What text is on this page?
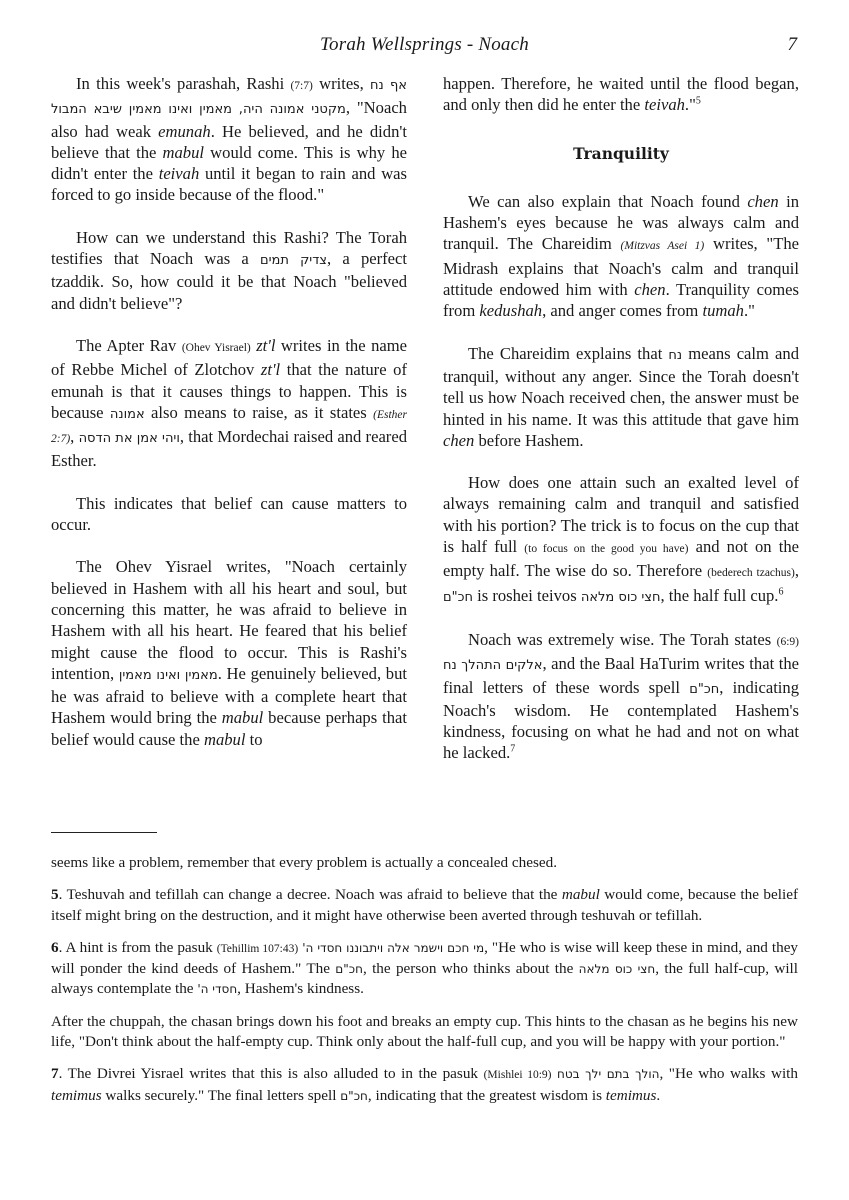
Torah Wellsprings - Noach	7

In this week's parashah, Rashi (7:7) writes, אף נח מקטני אמונה היה, מאמין ואינו מאמין שיבא המבול, "Noach also had weak emunah. He believed, and he didn't believe that the mabul would come. This is why he didn't enter the teivah until it began to rain and was forced to go inside because of the flood."

How can we understand this Rashi? The Torah testifies that Noach was a צדיק תמים, a perfect tzaddik. So, how could it be that Noach "believed and didn't believe"?

The Apter Rav (Ohev Yisrael) zt'l writes in the name of Rebbe Michel of Zlotchov zt'l that the nature of emunah is that it causes things to happen. This is because אמונה also means to raise, as it states (Esther 2:7), ויהי אמן את הדסה, that Mordechai raised and reared Esther.

This indicates that belief can cause matters to occur.

The Ohev Yisrael writes, "Noach certainly believed in Hashem with all his heart and soul, but concerning this matter, he was afraid to believe in Hashem with all his heart. He feared that his belief might cause the flood to occur. This is Rashi's intention, מאמין ואינו מאמין. He genuinely believed, but he was afraid to believe with a complete heart that Hashem would bring the mabul because perhaps that belief would cause the mabul to

happen. Therefore, he waited until the flood began, and only then did he enter the teivah."$^5$

Tranquility

We can also explain that Noach found chen in Hashem's eyes because he was always calm and tranquil. The Chareidim (Mitzvas Asei 1) writes, "The Midrash explains that Noach's calm and tranquil attitude endowed him with chen. Tranquility comes from kedushah, and anger comes from tumah."

The Chareidim explains that נח means calm and tranquil, without any anger. Since the Torah doesn't tell us how Noach received chen, the answer must be hinted in his name. It was this attitude that gave him chen before Hashem.

How does one attain such an exalted level of always remaining calm and tranquil and satisfied with his portion? The trick is to focus on the cup that is half full (to focus on the good you have) and not on the empty half. The wise do so. Therefore (bederech tzachus), חכ"ם is roshei teivos חצי כוס מלאה, the half full cup.$^6$

Noach was extremely wise. The Torah states (6:9) אלקים התהלך נח, and the Baal HaTurim writes that the final letters of these words spell חכ"ם, indicating Noach's wisdom. He contemplated Hashem's kindness, focusing on what he had and not on what he lacked.$^7$

seems like a problem, remember that every problem is actually a concealed chesed.

5. Teshuvah and tefillah can change a decree. Noach was afraid to believe that the mabul would come, because the belief itself might bring on the destruction, and it might have otherwise been averted through teshuvah or tefillah.

6. A hint is from the pasuk (Tehillim 107:43) מי חכם וישמר אלה ויתבוננו חסדי ה', "He who is wise will keep these in mind, and they will ponder the kind deeds of Hashem." The חכ"ם, the person who thinks about the חצי כוס מלאה, the full half-cup, will always contemplate the חסדי ה', Hashem's kindness.

After the chuppah, the chasan brings down his foot and breaks an empty cup. This hints to the chasan as he begins his new life, "Don't think about the half-empty cup. Think only about the half-full cup, and you will be happy with your portion."

7. The Divrei Yisrael writes that this is also alluded to in the pasuk (Mishlei 10:9) הולך בתם ילך בטח, "He who walks with temimus walks securely." The final letters spell חכ"ם, indicating that the greatest wisdom is temimus.
